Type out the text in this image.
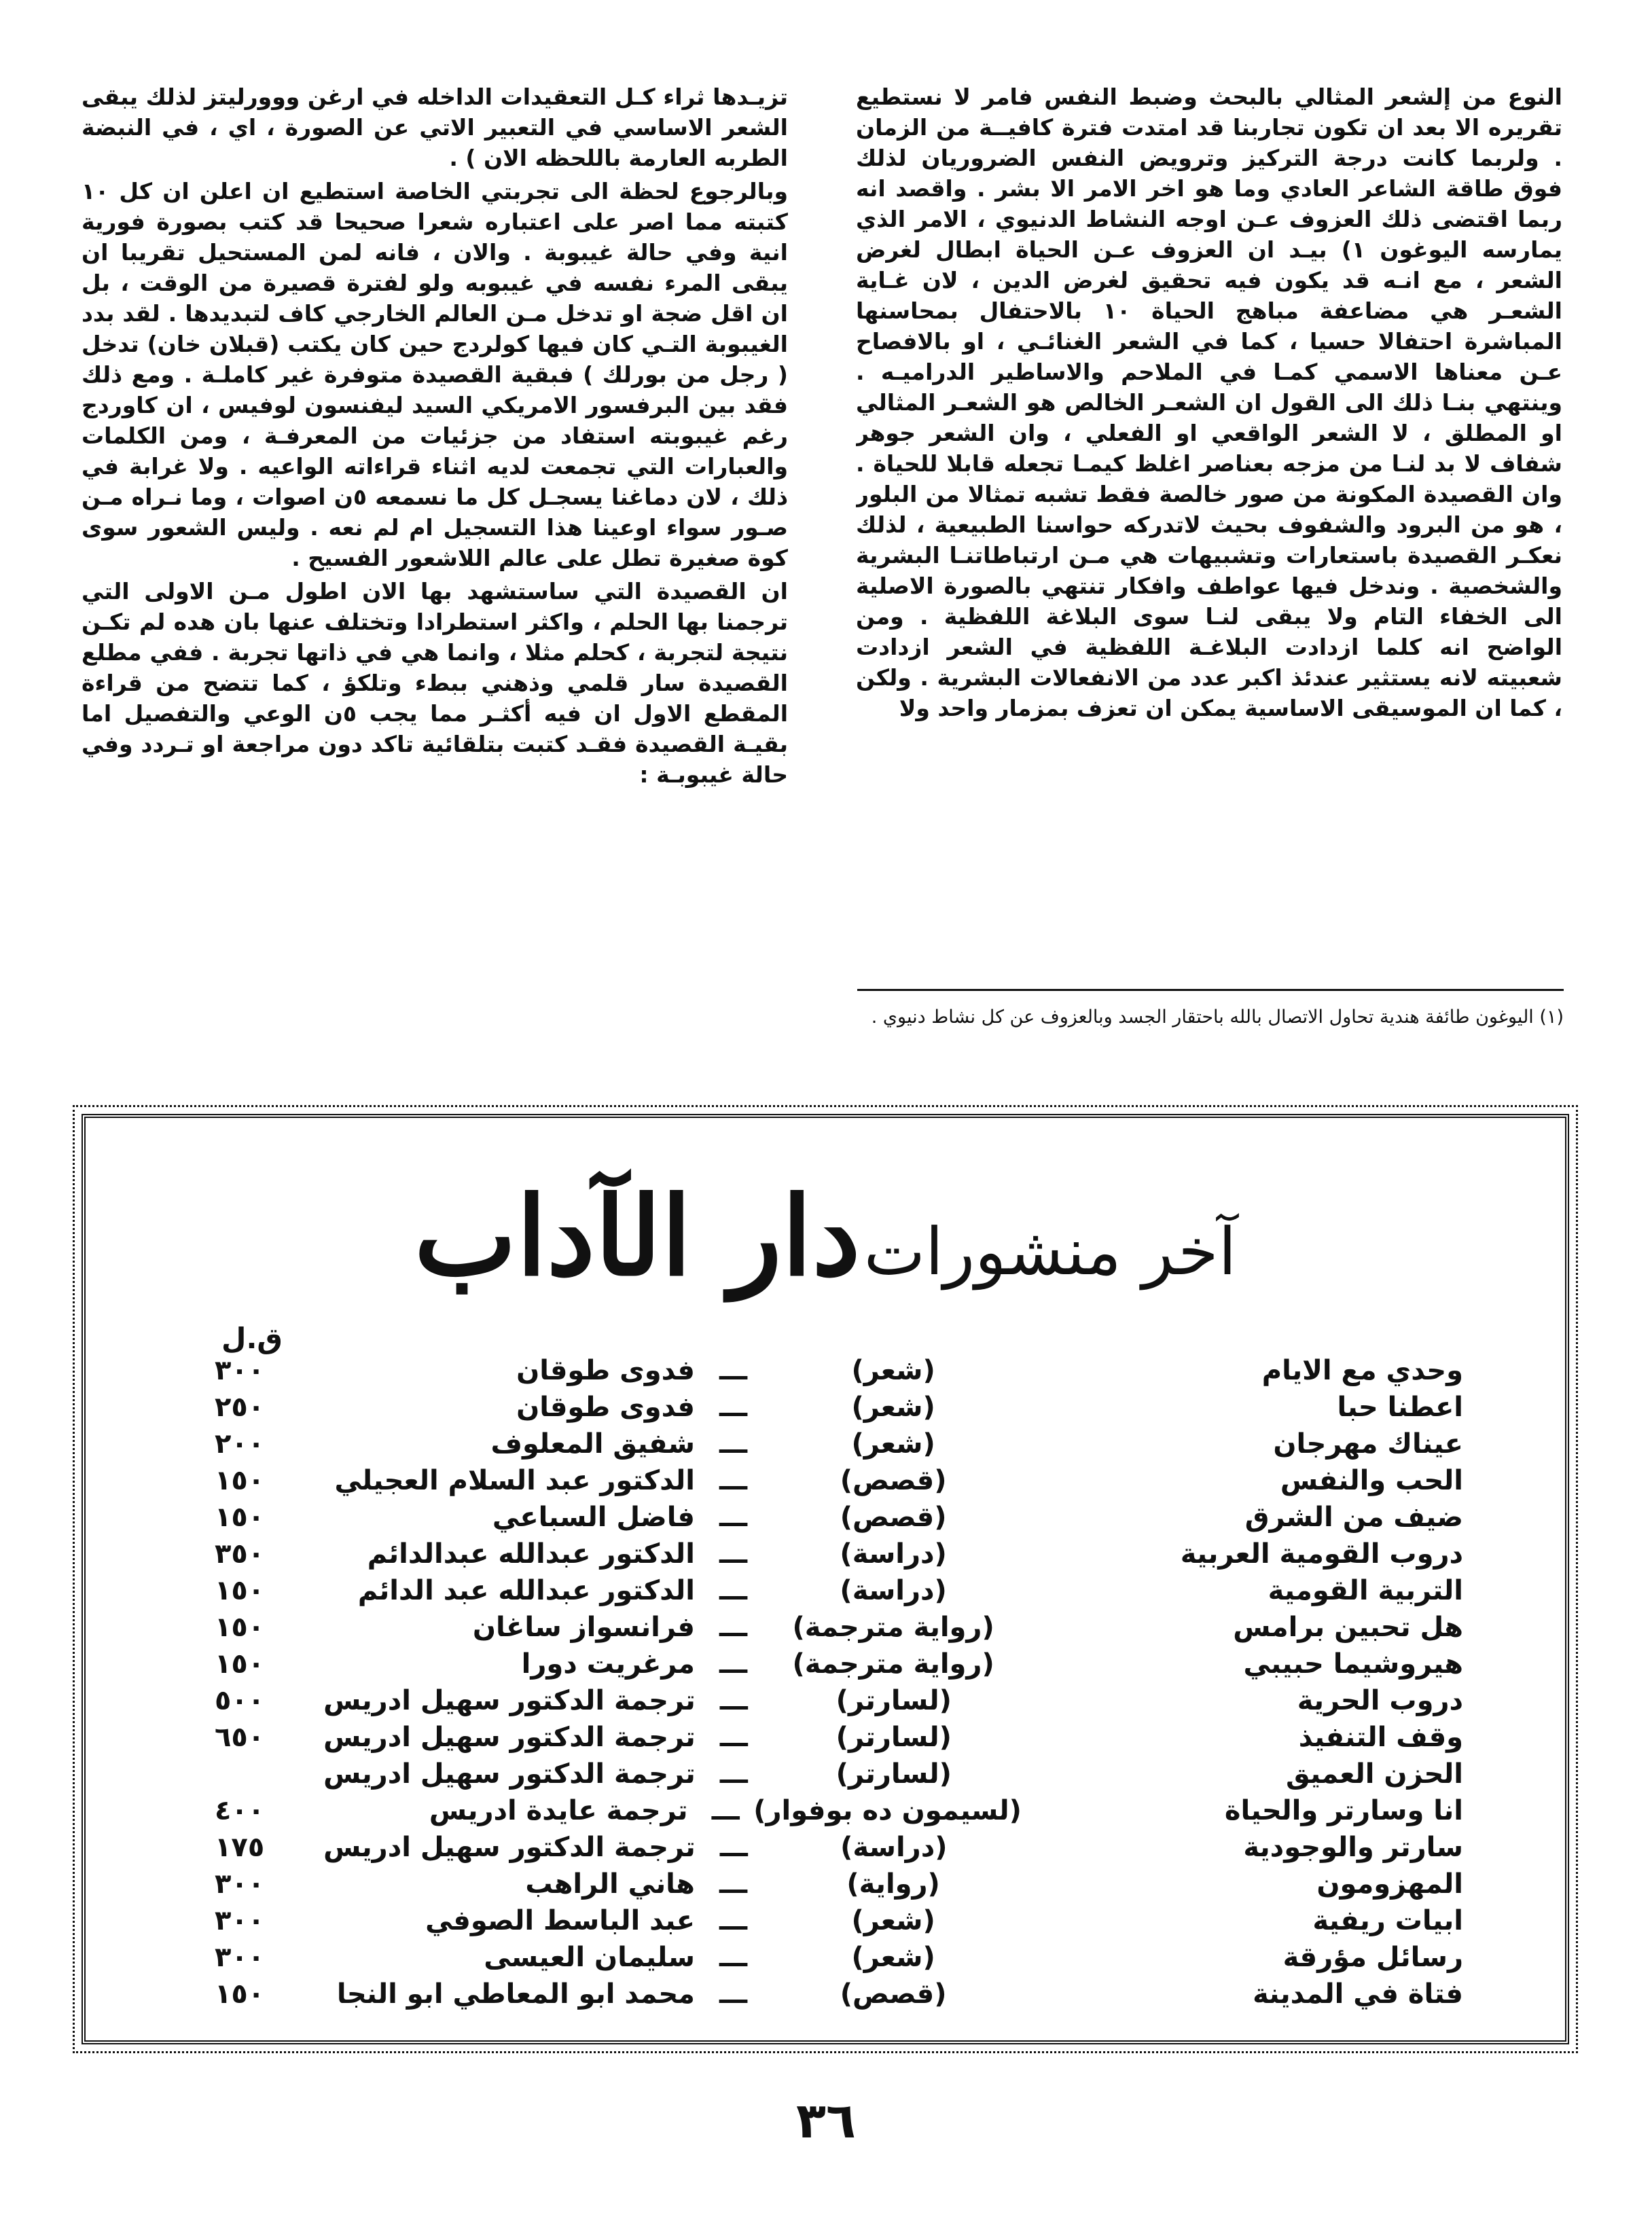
النوع من إلشعر المثالي بالبحث وضبط النفس فامر لا نستطيع تقريره الا بعد ان تكون تجاربنا قد امتدت فترة كافيــة من الزمان . ولربما كانت درجة التركيز وترويض النفس الضروريان لذلك فوق طاقة الشاعر العادي وما هو اخر الامر الا بشر . واقصد انه ربما اقتضى ذلك العزوف عـن اوجه النشاط الدنيوي ، الامر الذي يمارسه اليوغون ١) بيـد ان العزوف عـن الحياة ابطال لغرض الشعر ، مع انـه قد يكون فيه تحقيق لغرض الدين ، لان غـاية الشعـر هي مضاعفة مباهج الحياة ١٠ بالاحتفال بمحاسنها المباشرة احتفالا حسيا ، كما في الشعر الغنائـي ، او بالافصاح عـن معناها الاسمي كمـا في الملاحم والاساطير الدراميـه . وينتهي بنـا ذلك الى القول ان الشعـر الخالص هو الشعـر المثالي او المطلق ، لا الشعر الواقعي او الفعلي ، وان الشعر جوهر شفاف لا بد لنـا من مزجه بعناصر اغلظ كيمـا تجعله قابلا للحياة . وان القصيدة المكونة من صور خالصة فقط تشبه تمثالا من البلور ، هو من البرود والشفوف بحيث لاتدركه حواسنا الطبيعية ، لذلك نعكـر القصيدة باستعارات وتشبيهات هي مـن ارتباطاتنـا البشرية والشخصية . وندخل فيها عواطف وافكار تنتهي بالصورة الاصلية الى الخفاء التام ولا يبقى لنـا سوى البلاغة اللفظية . ومن الواضح انه كلما ازدادت البلاغـة اللفظية في الشعر ازدادت شعبيته لانه يستثير عندئذ اكبر عدد من الانفعالات البشرية . ولكن ، كما ان الموسيقى الاساسية يمكن ان تعزف بمزمار واحد ولا

تزيـدها ثراء كـل التعقيدات الداخله في ارغن ووورليتز لذلك يبقى الشعر الاساسي في التعبير الاتي عن الصورة ، اي ، في النبضة الطربه العارمة باللحظه الان ) .

وبالرجوع لحظة الى تجربتي الخاصة استطيع ان اعلن ان كل ١٠ كتبته مما اصر على اعتباره شعرا صحيحا قد كتب بصورة فورية انية وفي حالة غيبوبة . والان ، فانه لمن المستحيل تقريبا ان يبقى المرء نفسه في غيبوبه ولو لفترة قصيرة من الوقت ، بل ان اقل ضجة او تدخل مـن العالم الخارجي كاف لتبديدها . لقد بدد الغيبوبة التـي كان فيها كولردج حين كان يكتب (قبلان خان) تدخل ( رجل من بورلك ) فبقية القصيدة متوفرة غير كاملـة . ومع ذلك فقد بين البرفسور الامريكي السيد ليفنسون لوفيس ، ان كاوردج رغم غيبوبته استفاد من جزئيات من المعرفـة ، ومن الكلمات والعبارات التي تجمعت لديه اثناء قراءاته الواعيه . ولا غرابة في ذلك ، لان دماغنا يسجـل كل ما نسمعه ٥ن اصوات ، وما نـراه مـن صـور سواء اوعينا هذا التسجيل ام لم نعه . وليس الشعور سوى كوة صغيرة تطل على عالم اللاشعور الفسيح .

ان القصيدة التي ساستشهد بها الان اطول مـن الاولى التي ترجمنا بها الحلم ، واكثر استطرادا وتختلف عنها بان هده لم تكـن نتيجة لتجربة ، كحلم مثلا ، وانما هي في ذاتها تجربة . ففي مطلع القصيدة سار قلمي وذهني ببطء وتلكؤ ، كما تتضح من قراءة المقطع الاول ان فيه أكثـر مما يجب ٥ن الوعي والتفصيل اما بقيـة القصيدة فقـد كتبت بتلقائية تاكد دون مراجعة او تـردد وفي حالة غيبوبـة :

(١) اليوغون طائفة هندية تحاول الاتصال بالله باحتقار الجسد وبالعزوف عن كل نشاط دنيوي .
آخر منشورات دار الآداب
ق.ل
وحدي مع الايام
(شعر)
ـــ
فدوى طوقان
٣٠٠
اعطنا حبا
(شعر)
ـــ
فدوى طوقان
٢٥٠
عيناك مهرجان
(شعر)
ـــ
شفيق المعلوف
٢٠٠
الحب والنفس
(قصص)
ـــ
الدكتور عبد السلام العجيلي
١٥٠
ضيف من الشرق
(قصص)
ـــ
فاضل السباعي
١٥٠
دروب القومية العربية
(دراسة)
ـــ
الدكتور عبدالله عبدالدائم
٣٥٠
التربية القومية
(دراسة)
ـــ
الدكتور عبدالله عبد الدائم
١٥٠
هل تحبين برامس
(رواية مترجمة)
ـــ
فرانسواز ساغان
١٥٠
هيروشيما حبيبي
(رواية مترجمة)
ـــ
مرغريت دورا
١٥٠
دروب الحرية
(لسارتر)
ـــ
ترجمة الدكتور سهيل ادريس
٥٠٠
وقف التنفيذ
(لسارتر)
ـــ
ترجمة الدكتور سهيل ادريس
٦٥٠
الحزن العميق
(لسارتر)
ـــ
ترجمة الدكتور سهيل ادريس
انا وسارتر والحياة
(لسيمون ده بوفوار)
ـــ
ترجمة عايدة ادريس
٤٠٠
سارتر والوجودية
(دراسة)
ـــ
ترجمة الدكتور سهيل ادريس
١٧٥
المهزومون
(رواية)
ـــ
هاني الراهب
٣٠٠
ابيات ريفية
(شعر)
ـــ
عبد الباسط الصوفي
٣٠٠
رسائل مؤرقة
(شعر)
ـــ
سليمان العيسى
٣٠٠
فتاة في المدينة
(قصص)
ـــ
محمد ابو المعاطي ابو النجا
١٥٠
٣٦
